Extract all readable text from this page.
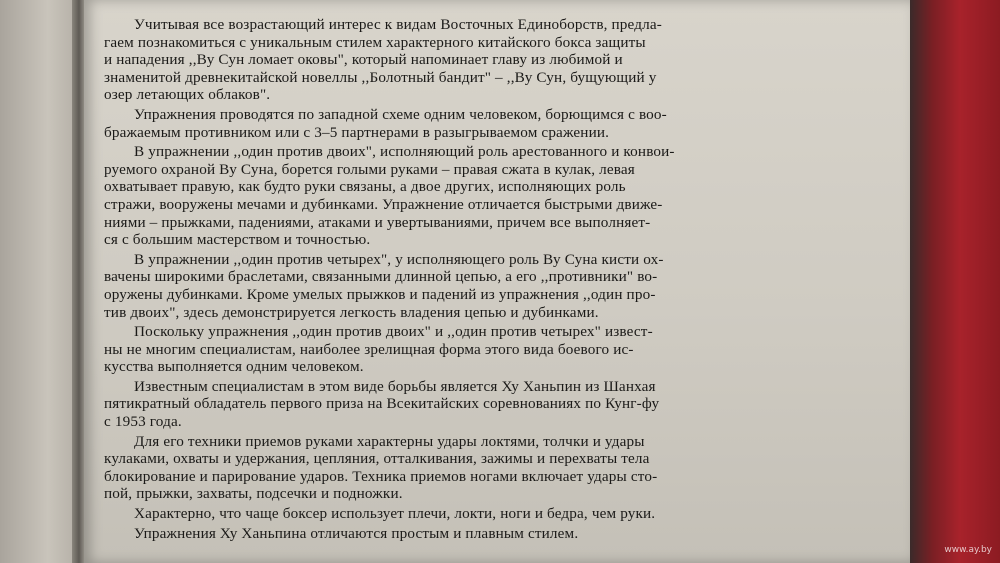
Учитывая все возрастающий интерес к видам Восточных Единоборств, предла-
гаем познакомиться с уникальным стилем характерного китайского бокса защиты
и нападения ,,Ву Сун ломает оковы", который напоминает главу из любимой и
знаменитой древнекитайской новеллы ,,Болотный бандит" – ,,Ву Сун, бущующий у
озер летающих облаков".

Упражнения проводятся по западной схеме одним человеком, борющимся с воо-
бражаемым противником или с 3–5 партнерами в разыгрываемом сражении.

В упражнении ,,один против двоих", исполняющий роль арестованного и конвои-
руемого охраной Ву Суна, борется голыми руками – правая сжата в кулак, левая
охватывает правую, как будто руки связаны, а двое других, исполняющих роль
стражи, вооружены мечами и дубинками. Упражнение отличается быстрыми движе-
ниями – прыжками, падениями, атаками и увертываниями, причем все выполняет-
ся с большим мастерством и точностью.

В упражнении ,,один против четырех", у исполняющего роль Ву Суна кисти ох-
вачены широкими браслетами, связанными длинной цепью, а его ,,противники" во-
оружены дубинками. Кроме умелых прыжков и падений из упражнения ,,один про-
тив двоих", здесь демонстрируется легкость владения цепью и дубинками.

Поскольку упражнения ,,один против двоих" и ,,один против четырех" извест-
ны не многим специалистам, наиболее зрелищная форма этого вида боевого ис-
кусства выполняется одним человеком.

Известным специалистам в этом виде борьбы является Ху Ханьпин из Шанхая
пятикратный обладатель первого приза на Всекитайских соревнованиях по Кунг-фу
с 1953 года.

Для его техники приемов руками характерны удары локтями, толчки и удары
кулаками, охваты и удержания, цепляния, отталкивания, зажимы и перехваты тела
блокирование и парирование ударов. Техника приемов ногами включает удары сто-
пой, прыжки, захваты, подсечки и подножки.

Характерно, что чаще боксер использует плечи, локти, ноги и бедра, чем руки.

Упражнения Ху Ханьпина отличаются простым и плавным стилем.

www.ay.by
